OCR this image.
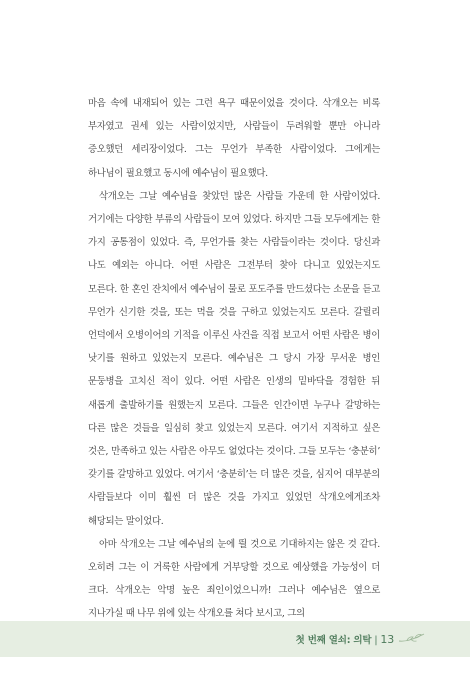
마음 속에 내재되어 있는 그런 욕구 때문이었을 것이다. 삭개오는 비록 부자였고 권세 있는 사람이었지만, 사람들이 두려워할 뿐만 아니라 증오했던 세리장이었다. 그는 무언가 부족한 사람이었다. 그에게는 하나님이 필요했고 동시에 예수님이 필요했다.

삭개오는 그날 예수님을 찾았던 많은 사람들 가운데 한 사람이었다. 거기에는 다양한 부류의 사람들이 모여 있었다. 하지만 그들 모두에게는 한 가지 공통점이 있었다. 즉, 무언가를 찾는 사람들이라는 것이다. 당신과 나도 예외는 아니다. 어떤 사람은 그전부터 찾아 다니고 있었는지도 모른다. 한 혼인 잔치에서 예수님이 물로 포도주를 만드셨다는 소문을 듣고 무언가 신기한 것을, 또는 먹을 것을 구하고 있었는지도 모른다. 갈릴리 언덕에서 오병이어의 기적을 이루신 사건을 직접 보고서 어떤 사람은 병이 낫기를 원하고 있었는지 모른다. 예수님은 그 당시 가장 무서운 병인 문둥병을 고치신 적이 있다. 어떤 사람은 인생의 밑바닥을 경험한 뒤 새롭게 출발하기를 원했는지 모른다. 그들은 인간이면 누구나 갈망하는 다른 많은 것들을 일심히 찾고 있었는지 모른다. 여기서 지적하고 싶은 것은, 만족하고 있는 사람은 아무도 없었다는 것이다. 그들 모두는 ‘충분히’ 갖기를 갈망하고 있었다. 여기서 ‘충분히’는 더 많은 것을, 심지어 대부분의 사람들보다 이미 훨씬 더 많은 것을 가지고 있었던 삭개오에게조차 해당되는 말이었다.

아마 삭개오는 그날 예수님의 눈에 띌 것으로 기대하지는 않은 것 같다. 오히려 그는 이 거룩한 사람에게 거부당할 것으로 예상했을 가능성이 더 크다. 삭개오는 악명 높은 죄인이었으니까! 그러나 예수님은 옆으로 지나가실 때 나무 위에 있는 삭개오를 쳐다 보시고, 그의

첫 번째 열쇠: 의탁 | 13
